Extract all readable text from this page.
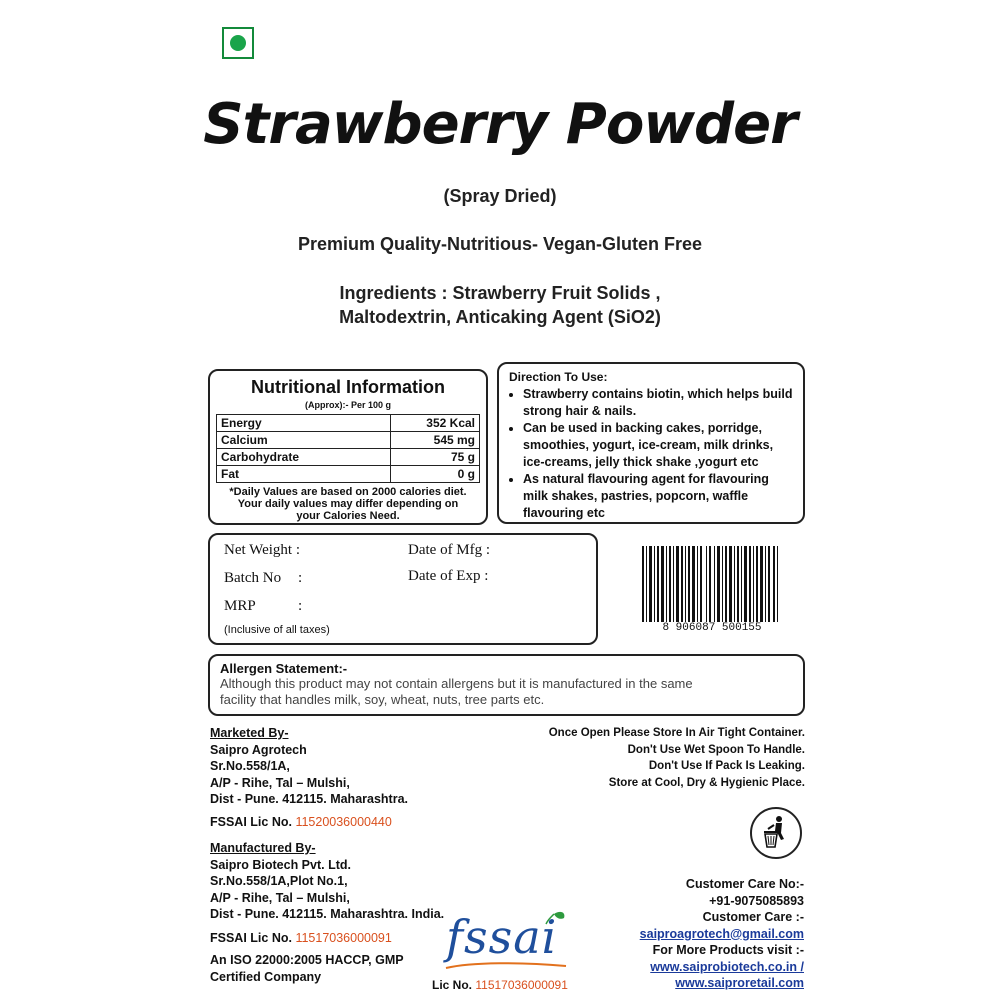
Strawberry Powder
(Spray Dried)
Premium Quality-Nutritious- Vegan-Gluten Free
Ingredients : Strawberry Fruit Solids ,
Maltodextrin, Anticaking Agent (SiO2)
Nutritional Information
(Approx):- Per 100 g
Energy	352 Kcal
Calcium	545 mg
Carbohydrate	75 g
Fat	0 g
*Daily Values are based on 2000 calories diet.
Your daily values may differ depending on
your Calories Need.
Direction To Use:
• Strawberry contains biotin, which helps build strong hair & nails.
• Can be used in backing cakes, porridge, smoothies, yogurt, ice-cream, milk drinks, ice-creams, jelly thick shake ,yogurt etc
• As natural flavouring agent for flavouring milk shakes, pastries, popcorn, waffle flavouring etc
Net Weight :
Batch No :
MRP	:
Date of Mfg :
Date of Exp :
(Inclusive of all taxes)	8 906087 500155
Allergen Statement:-
Although this product may not contain allergens but it is manufactured in the same
facility that handles milk, soy, wheat, nuts, tree parts etc.
Marketed By-
Saipro Agrotech
Sr.No.558/1A,
A/P - Rihe, Tal – Mulshi,
Dist - Pune. 412115. Maharashtra.
FSSAI Lic No. 11520036000440
Once Open Please Store In Air Tight Container.
Don't Use Wet Spoon To Handle.
Don't Use If Pack Is Leaking.
Store at Cool, Dry & Hygienic Place.
Manufactured By-
Saipro Biotech Pvt. Ltd.
Sr.No.558/1A,Plot No.1,
A/P - Rihe, Tal – Mulshi,
Dist - Pune. 412115. Maharashtra. India.
FSSAI Lic No. 11517036000091
An ISO 22000:2005 HACCP, GMP
Certified Company
fssai
Lic No. 11517036000091
Customer Care No:-
+91-9075085893
Customer Care :-
saiproagrotech@gmail.com
For More Products visit :-
www.saiprobiotech.co.in /
www.saiproretail.com
